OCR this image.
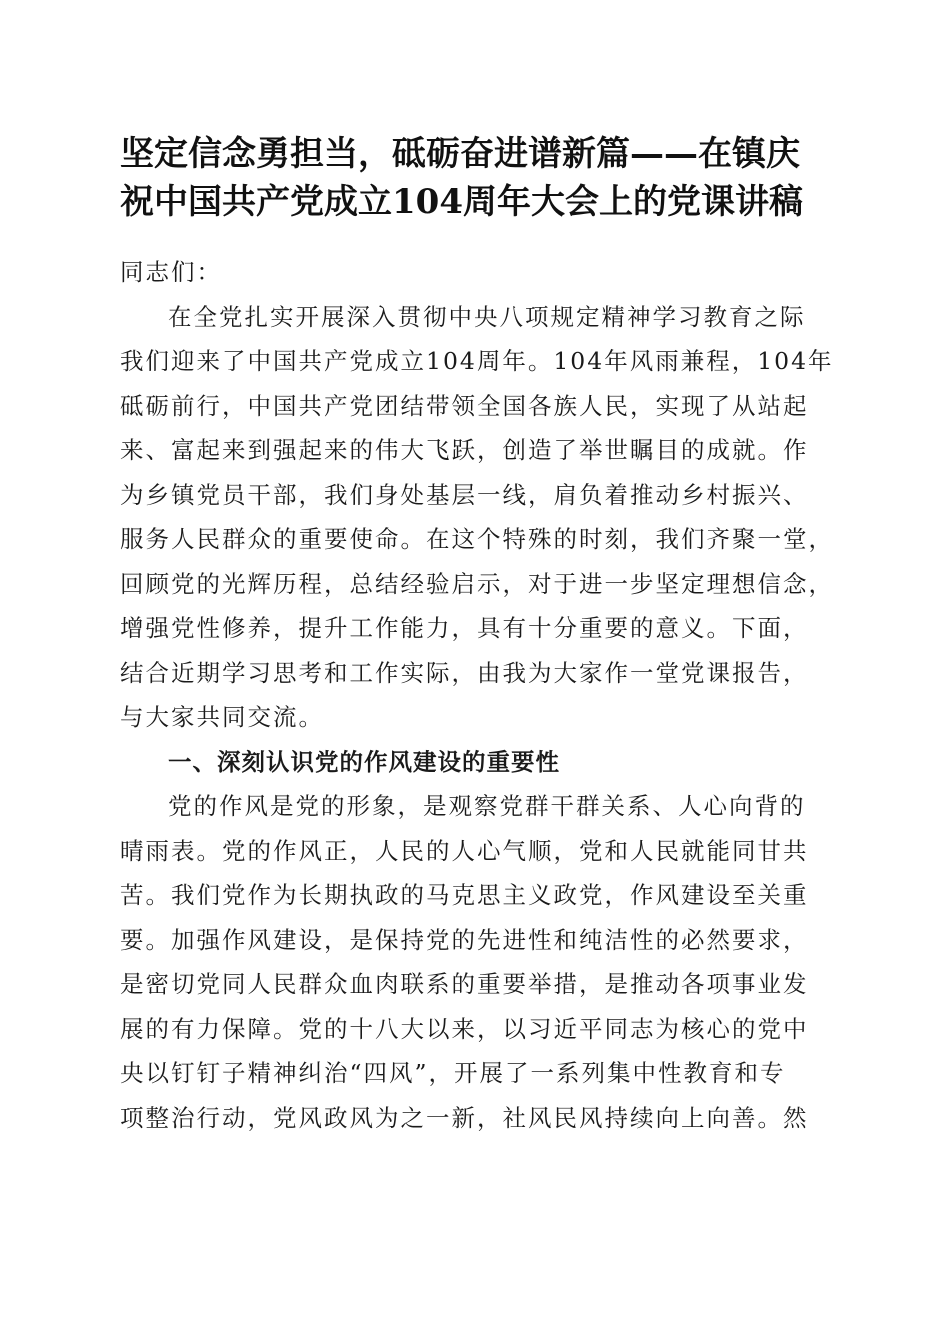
坚定信念勇担当，砥砺奋进谱新篇——在镇庆
祝中国共产党成立104周年大会上的党课讲稿
同志们：
在全党扎实开展深入贯彻中央八项规定精神学习教育之际
我们迎来了中国共产党成立104周年。104年风雨兼程，104年
砥砺前行，中国共产党团结带领全国各族人民，实现了从站起
来、富起来到强起来的伟大飞跃，创造了举世瞩目的成就。作
为乡镇党员干部，我们身处基层一线，肩负着推动乡村振兴、
服务人民群众的重要使命。在这个特殊的时刻，我们齐聚一堂，
回顾党的光辉历程，总结经验启示，对于进一步坚定理想信念，
增强党性修养，提升工作能力，具有十分重要的意义。下面，
结合近期学习思考和工作实际，由我为大家作一堂党课报告，
与大家共同交流。
一、深刻认识党的作风建设的重要性
党的作风是党的形象，是观察党群干群关系、人心向背的
晴雨表。党的作风正，人民的人心气顺，党和人民就能同甘共
苦。我们党作为长期执政的马克思主义政党，作风建设至关重
要。加强作风建设，是保持党的先进性和纯洁性的必然要求，
是密切党同人民群众血肉联系的重要举措，是推动各项事业发
展的有力保障。党的十八大以来，以习近平同志为核心的党中
央以钉钉子精神纠治“四风”，开展了一系列集中性教育和专
项整治行动，党风政风为之一新，社风民风持续向上向善。然
